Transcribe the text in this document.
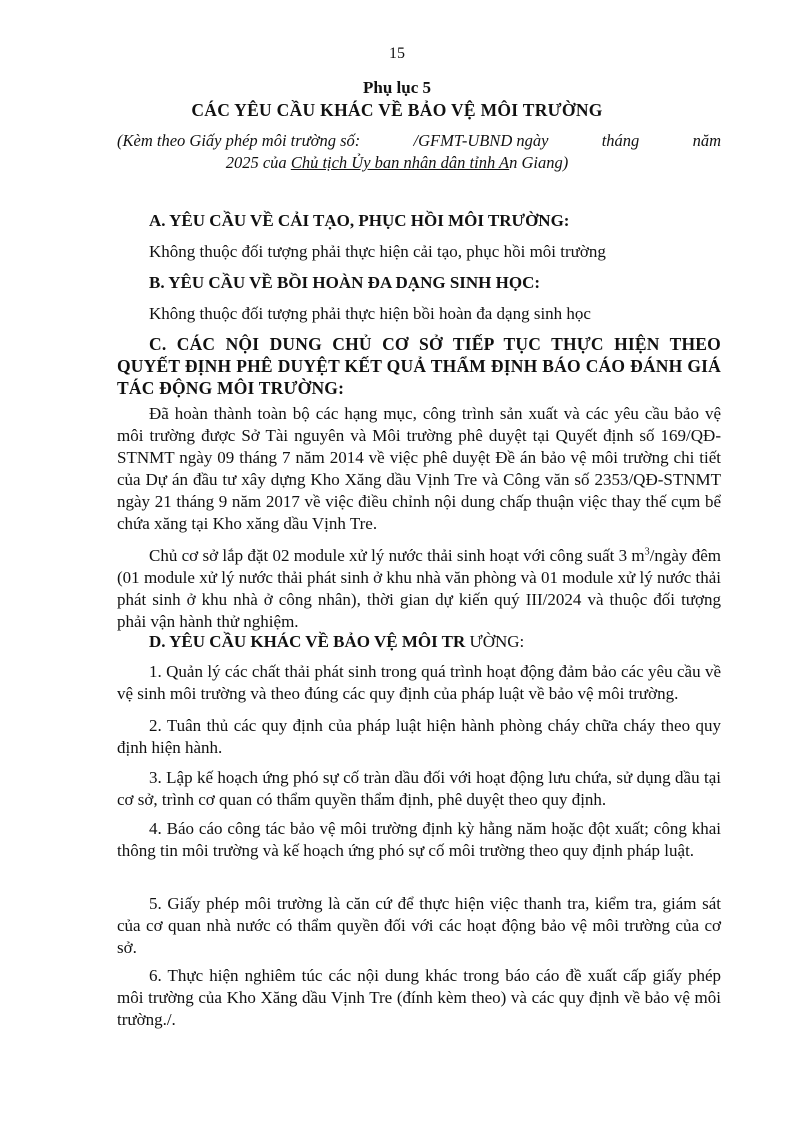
15
Phụ lục 5
CÁC YÊU CẦU KHÁC VỀ BẢO VỆ MÔI TRƯỜNG
(Kèm theo Giấy phép môi trường số:	/GFMT-UBND ngày	tháng	năm
2025 của Chủ tịch Ủy ban nhân dân tỉnh An Giang)
A. YÊU CẦU VỀ CẢI TẠO, PHỤC HỒI MÔI TRƯỜNG:
Không thuộc đối tượng phải thực hiện cải tạo, phục hồi môi trường
B. YÊU CẦU VỀ BỒI HOÀN ĐA DẠNG SINH HỌC:
Không thuộc đối tượng phải thực hiện bồi hoàn đa dạng sinh học
C. CÁC NỘI DUNG CHỦ CƠ SỞ TIẾP TỤC THỰC HIỆN THEO QUYẾT ĐỊNH PHÊ DUYỆT KẾT QUẢ THẨM ĐỊNH BÁO CÁO ĐÁNH GIÁ TÁC ĐỘNG MÔI TRƯỜNG:
Đã hoàn thành toàn bộ các hạng mục, công trình sản xuất và các yêu cầu bảo vệ môi trường được Sở Tài nguyên và Môi trường phê duyệt tại Quyết định số 169/QĐ-STNMT ngày 09 tháng 7 năm 2014 về việc phê duyệt Đề án bảo vệ môi trường chi tiết của Dự án đầu tư xây dựng Kho Xăng dầu Vịnh Tre và Công văn số 2353/QĐ-STNMT ngày 21 tháng 9 năm 2017 về việc điều chỉnh nội dung chấp thuận việc thay thế cụm bể chứa xăng tại Kho xăng dầu Vịnh Tre.
Chủ cơ sở lắp đặt 02 module xử lý nước thải sinh hoạt với công suất 3 $m^3$/ngày đêm (01 module xử lý nước thải phát sinh ở khu nhà văn phòng và 01 module xử lý nước thải phát sinh ở khu nhà ở công nhân), thời gian dự kiến quý III/2024 và thuộc đối tượng phải vận hành thử nghiệm.
D. YÊU CẦU KHÁC VỀ BẢO VỆ MÔI TR ƯỜNG:
1. Quản lý các chất thải phát sinh trong quá trình hoạt động đảm bảo các yêu cầu về vệ sinh môi trường và theo đúng các quy định của pháp luật về bảo vệ môi trường.
2. Tuân thủ các quy định của pháp luật hiện hành phòng cháy chữa cháy theo quy định hiện hành.
3. Lập kế hoạch ứng phó sự cố tràn dầu đối với hoạt động lưu chứa, sử dụng dầu tại cơ sở, trình cơ quan có thẩm quyền thẩm định, phê duyệt theo quy định.
4. Báo cáo công tác bảo vệ môi trường định kỳ hằng năm hoặc đột xuất; công khai thông tin môi trường và kế hoạch ứng phó sự cố môi trường theo quy định pháp luật.
5. Giấy phép môi trường là căn cứ để thực hiện việc thanh tra, kiểm tra, giám sát của cơ quan nhà nước có thẩm quyền đối với các hoạt động bảo vệ môi trường của cơ sở.
6. Thực hiện nghiêm túc các nội dung khác trong báo cáo đề xuất cấp giấy phép môi trường của Kho Xăng dầu Vịnh Tre (đính kèm theo) và các quy định về bảo vệ môi trường./.
